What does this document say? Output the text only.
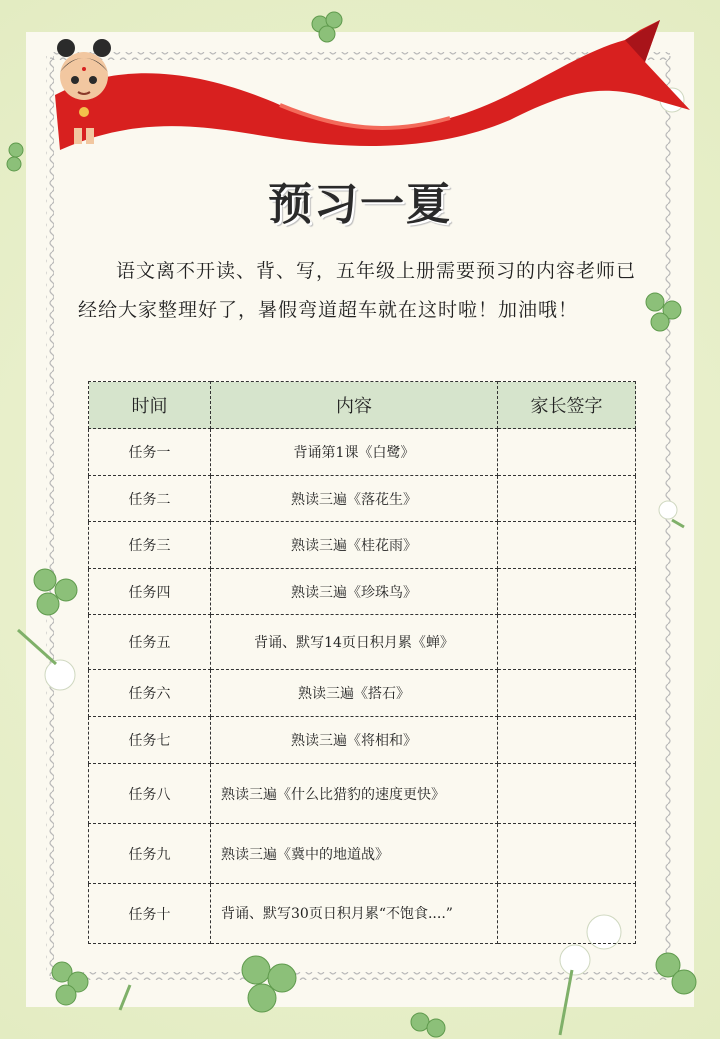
预习一夏
语文离不开读、背、写，五年级上册需要预习的内容老师已经给大家整理好了，暑假弯道超车就在这时啦！加油哦！
时间	内容	家长签字
任务一	背诵第1课《白鹭》	
任务二	熟读三遍《落花生》	
任务三	熟读三遍《桂花雨》	
任务四	熟读三遍《珍珠鸟》	
任务五	背诵、默写14页日积月累《蝉》	
任务六	熟读三遍《搭石》	
任务七	熟读三遍《将相和》	
任务八	熟读三遍《什么比猎豹的速度更快》	
任务九	熟读三遍《冀中的地道战》	
任务十	背诵、默写30页日积月累“不饱食....”	
